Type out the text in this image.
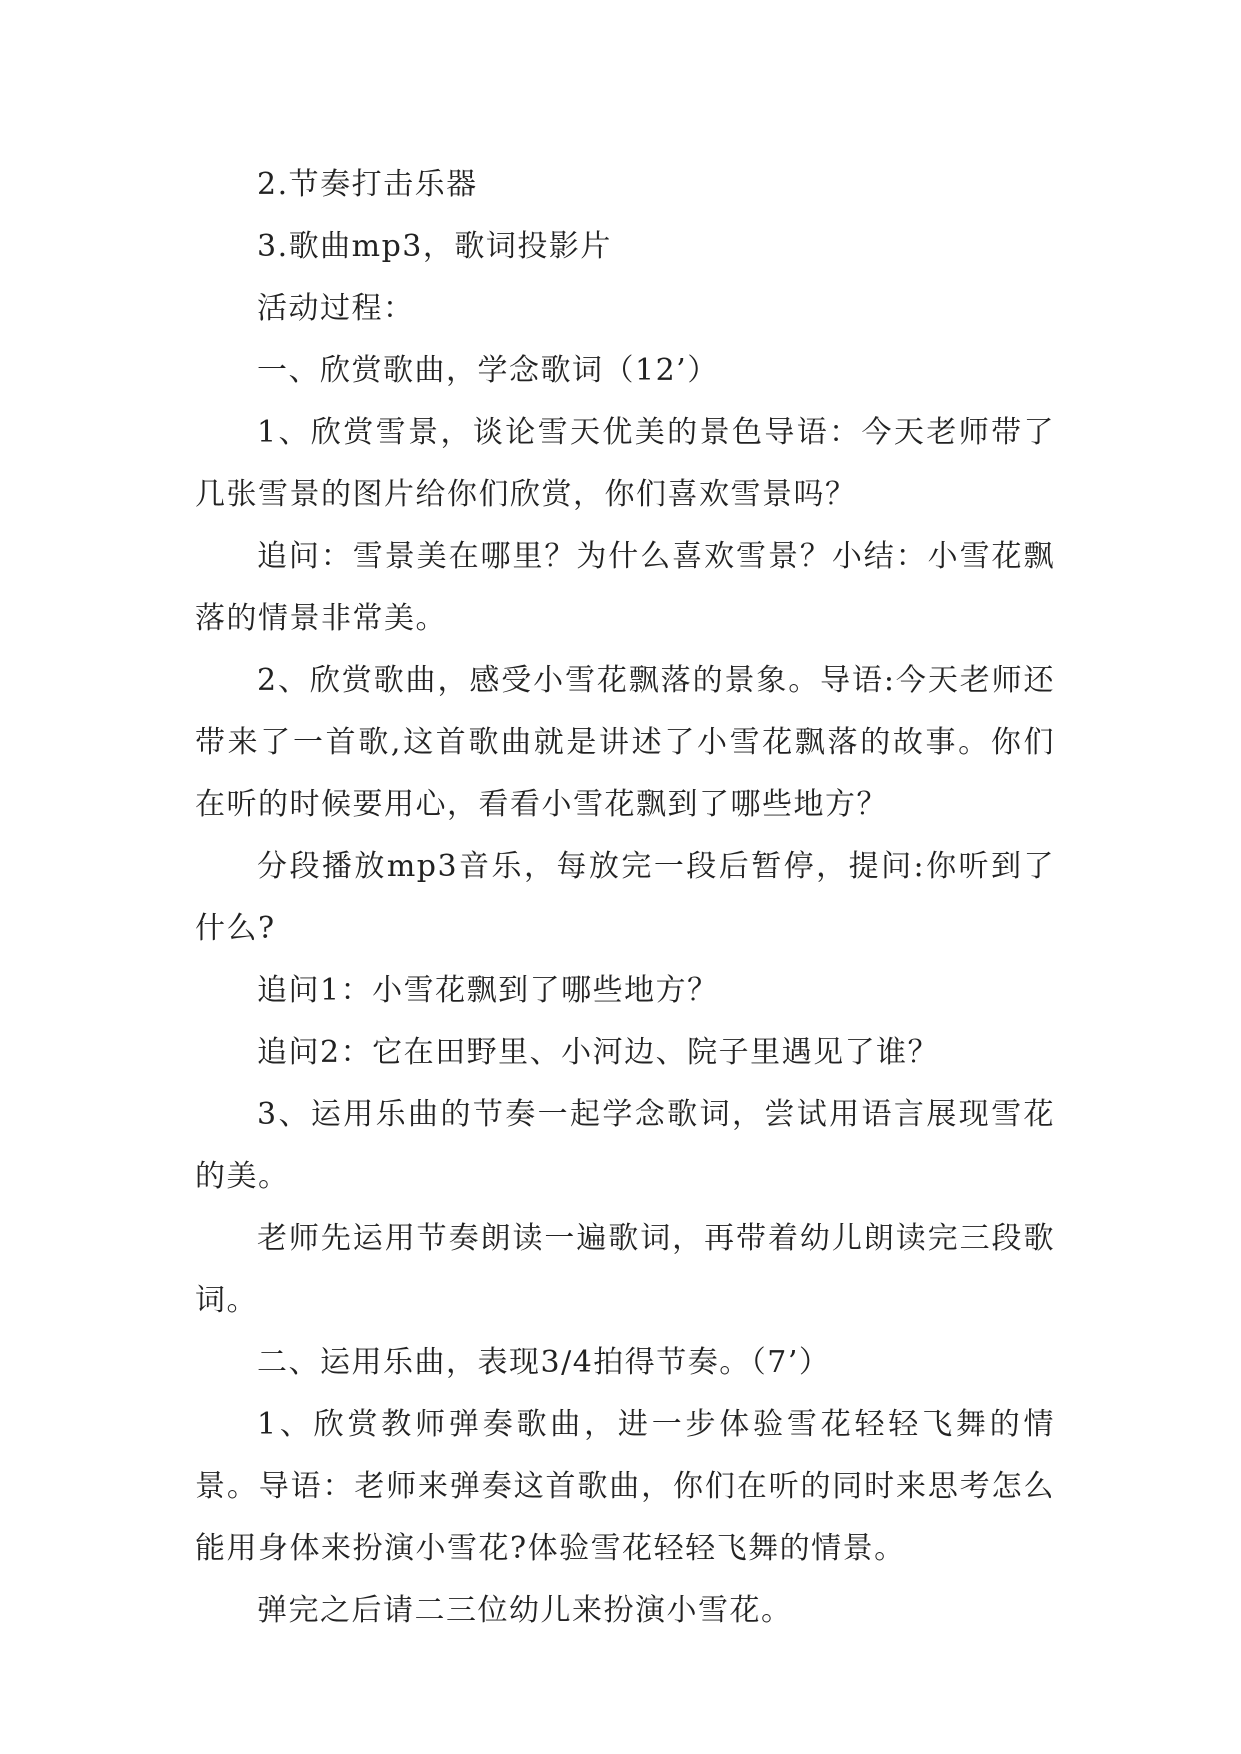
2.节奏打击乐器

3.歌曲mp3，歌词投影片

活动过程：

一、欣赏歌曲，学念歌词（12’）

1、欣赏雪景，谈论雪天优美的景色导语：今天老师带了几张雪景的图片给你们欣赏，你们喜欢雪景吗？

追问：雪景美在哪里？为什么喜欢雪景？小结：小雪花飘落的情景非常美。

2、欣赏歌曲，感受小雪花飘落的景象。导语:今天老师还带来了一首歌,这首歌曲就是讲述了小雪花飘落的故事。你们在听的时候要用心，看看小雪花飘到了哪些地方？

分段播放mp3音乐，每放完一段后暂停，提问:你听到了什么?

追问1：小雪花飘到了哪些地方？

追问2：它在田野里、小河边、院子里遇见了谁？

3、运用乐曲的节奏一起学念歌词，尝试用语言展现雪花的美。

老师先运用节奏朗读一遍歌词，再带着幼儿朗读完三段歌词。

二、运用乐曲，表现3/4拍得节奏。（7’）

1、欣赏教师弹奏歌曲，进一步体验雪花轻轻飞舞的情景。导语：老师来弹奏这首歌曲，你们在听的同时来思考怎么能用身体来扮演小雪花?体验雪花轻轻飞舞的情景。

弹完之后请二三位幼儿来扮演小雪花。
